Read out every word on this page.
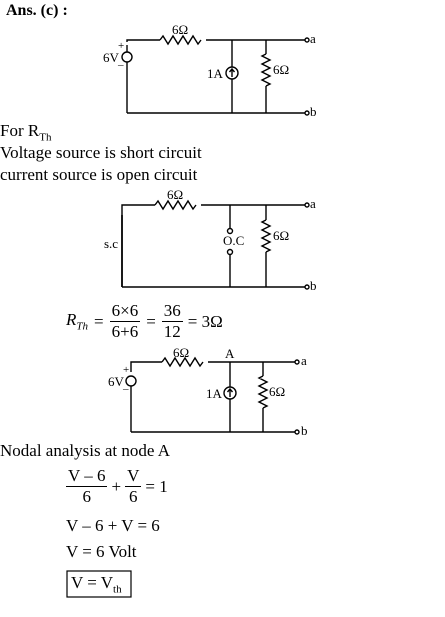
Ans. (c) :
6Ω
+
6V –
1A	6Ω
a
b
For $R_{Th}$
Voltage source is short circuit
current source is open circuit
6Ω
s.c	O.C 6Ω
a
b
$R_{Th} = \frac{6\times 6}{6+6} = \frac{36}{12} = 3\Omega$
6Ω	A
+
6V –	1A	6Ω
a
b
Nodal analysis at node A
$\frac{V - 6}{6} + \frac{V}{6} = 1$
V – 6 + V = 6
V = 6 Volt
$V = V_{th}$
